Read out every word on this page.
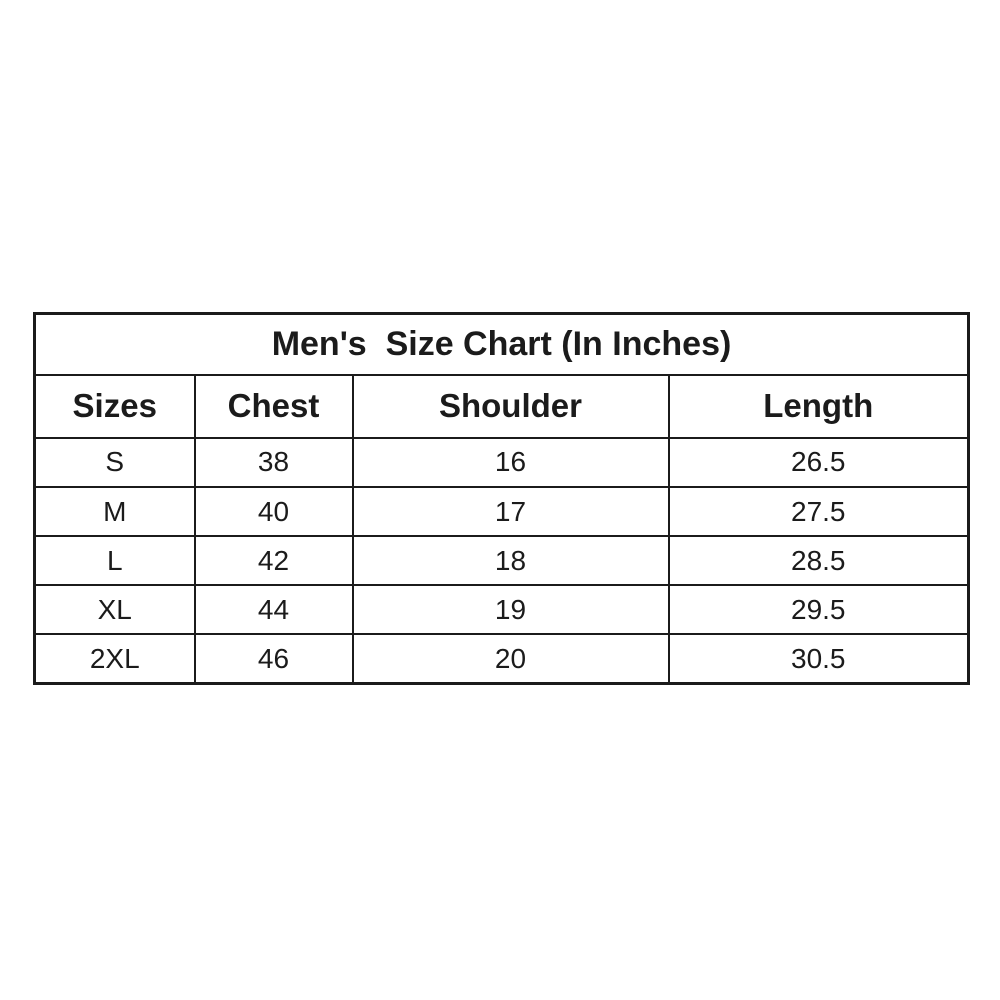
Men's  Size Chart (In Inches)			
Sizes	Chest	Shoulder	Length
S	38	16	26.5
M	40	17	27.5
L	42	18	28.5
XL	44	19	29.5
2XL	46	20	30.5
